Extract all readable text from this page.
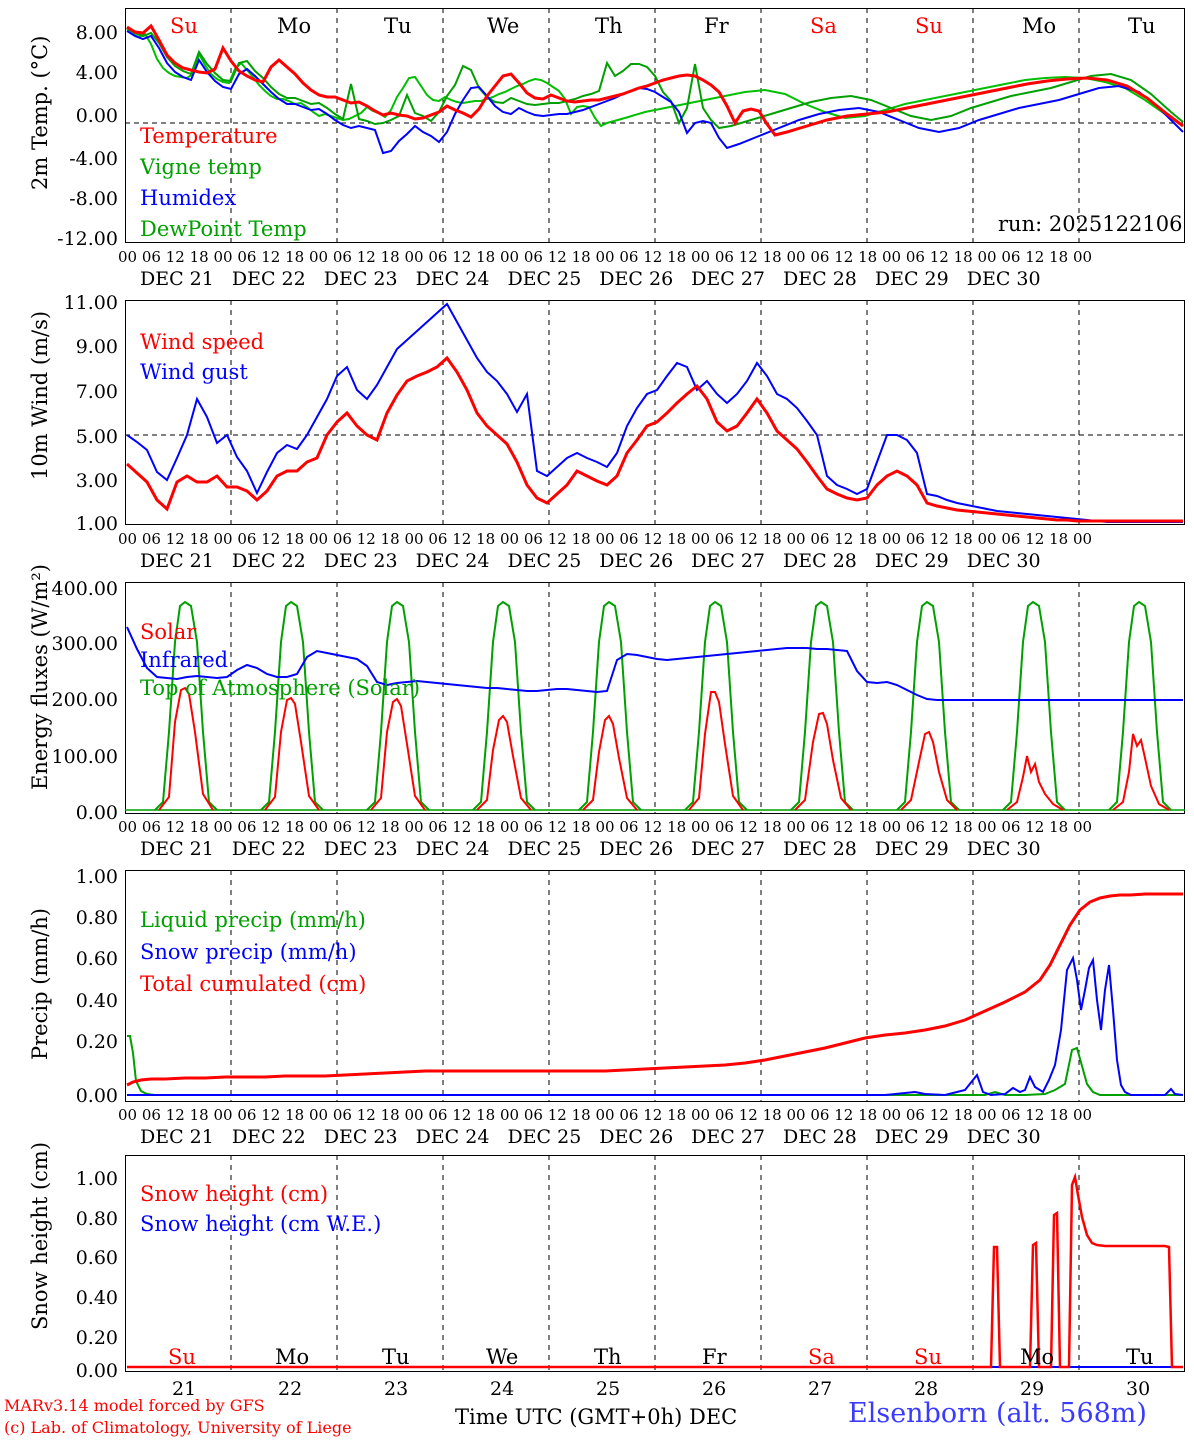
2m Temp. (°C)
8.00
4.00
0.00
-4.00
-8.00
-12.00
Temperature
Vigne temp
Humidex
DewPoint Temp	run: 2025122106
Su	Mo	Tu	We	Th	Fr	Sa	Su	Mo	Tu
00 06 12 18 00 06 12 18 00 06 12 18 00 06 12 18 00 06 12 18 00 06 12 18 00 06 12 18 00 06 12 18 00 06 12 18 00 06 12 18 00
DEC 21 DEC 22 DEC 23 DEC 24 DEC 25 DEC 26 DEC 27 DEC 28 DEC 29 DEC 30
10m Wind (m/s)
11.00
9.00
7.00
5.00
3.00
1.00
Wind speed
Wind gust
00 06 12 18 00 06 12 18 00 06 12 18 00 06 12 18 00 06 12 18 00 06 12 18 00 06 12 18 00 06 12 18 00 06 12 18 00 06 12 18 00
DEC 21 DEC 22 DEC 23 DEC 24 DEC 25 DEC 26 DEC 27 DEC 28 DEC 29 DEC 30
Energy fluxes (W/m²) 400.00
300.00
200.00
100.00
0.00
Solar
Infrared
Top of Atmosphere (Solar)
00 06 12 18 00 06 12 18 00 06 12 18 00 06 12 18 00 06 12 18 00 06 12 18 00 06 12 18 00 06 12 18 00 06 12 18 00 06 12 18 00
DEC 21 DEC 22 DEC 23 DEC 24 DEC 25 DEC 26 DEC 27 DEC 28 DEC 29 DEC 30
Precip (mm/h)
1.00
0.80
0.60
0.40
0.20
0.00
Liquid precip (mm/h)
Snow precip (mm/h)
Total cumulated (cm)
00 06 12 18 00 06 12 18 00 06 12 18 00 06 12 18 00 06 12 18 00 06 12 18 00 06 12 18 00 06 12 18 00 06 12 18 00 06 12 18 00
DEC 21 DEC 22 DEC 23 DEC 24 DEC 25 DEC 26 DEC 27 DEC 28 DEC 29 DEC 30
Snow height (cm)	1.00
0.80
0.60
0.40
0.20
0.00
Snow height (cm)
Snow height (cm W.E.)
Su	Mo	Tu	We	Th	Fr	Sa	Su	Mo	Tu
21	22	23	24	25	26	27	28	29	30
MARv3.14 model forced by GFS
(c) Lab. of Climatology, University of Liege	Time UTC (GMT+0h) DEC	Elsenborn (alt. 568m)
